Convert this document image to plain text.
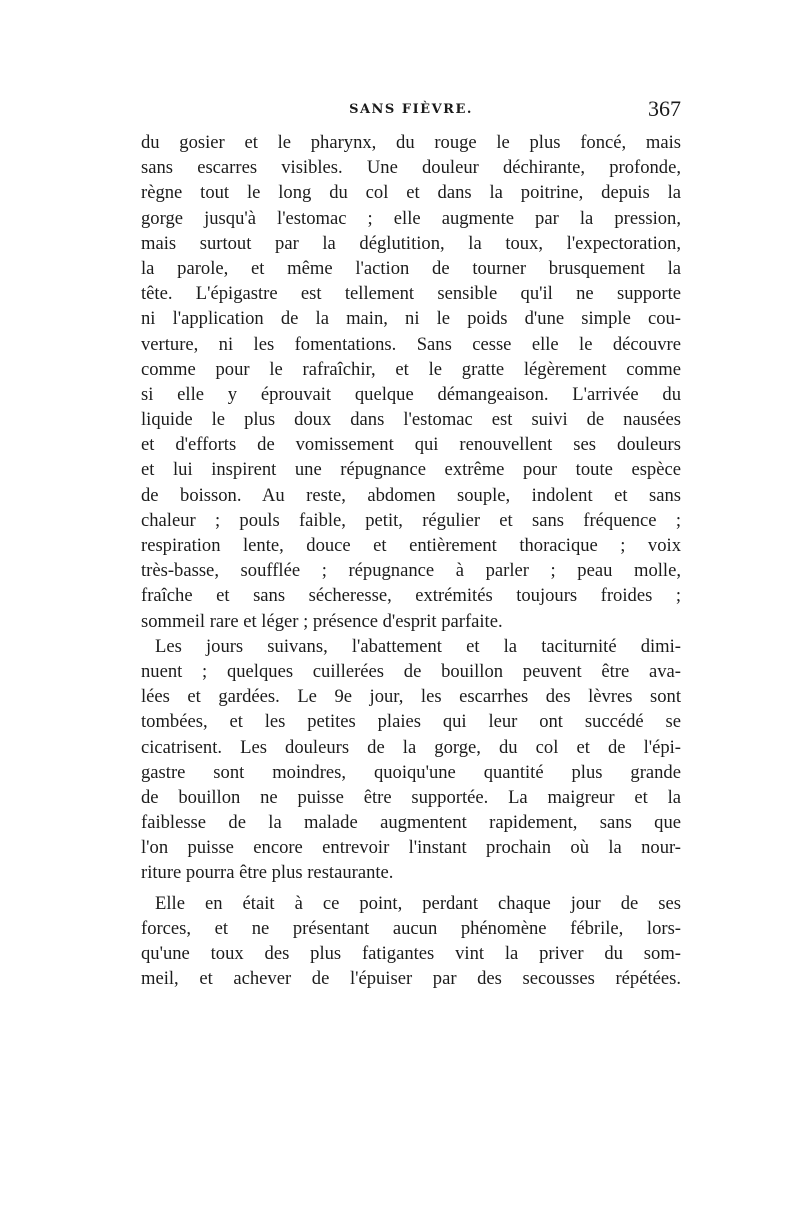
SANS FIÈVRE.	367
du gosier et le pharynx, du rouge le plus foncé, mais
sans escarres visibles. Une douleur déchirante, profonde,
règne tout le long du col et dans la poitrine, depuis la
gorge jusqu'à l'estomac ; elle augmente par la pression,
mais surtout par la déglutition, la toux, l'expectoration,
la parole, et même l'action de tourner brusquement la
tête. L'épigastre est tellement sensible qu'il ne supporte
ni l'application de la main, ni le poids d'une simple cou-
verture, ni les fomentations. Sans cesse elle le découvre
comme pour le rafraîchir, et le gratte légèrement comme
si elle y éprouvait quelque démangeaison. L'arrivée du
liquide le plus doux dans l'estomac est suivi de nausées
et d'efforts de vomissement qui renouvellent ses douleurs
et lui inspirent une répugnance extrême pour toute espèce
de boisson. Au reste, abdomen souple, indolent et sans
chaleur ; pouls faible, petit, régulier et sans fréquence ;
respiration lente, douce et entièrement thoracique ; voix
très-basse, soufflée ; répugnance à parler ; peau molle,
fraîche et sans sécheresse, extrémités toujours froides ;
sommeil rare et léger ; présence d'esprit parfaite.
Les jours suivans, l'abattement et la taciturnité dimi-
nuent ; quelques cuillerées de bouillon peuvent être ava-
lées et gardées. Le 9e jour, les escarrhes des lèvres sont
tombées, et les petites plaies qui leur ont succédé se
cicatrisent. Les douleurs de la gorge, du col et de l'épi-
gastre sont moindres, quoiqu'une quantité plus grande
de bouillon ne puisse être supportée. La maigreur et la
faiblesse de la malade augmentent rapidement, sans que
l'on puisse encore entrevoir l'instant prochain où la nour-
riture pourra être plus restaurante.
Elle en était à ce point, perdant chaque jour de ses
forces, et ne présentant aucun phénomène fébrile, lors-
qu'une toux des plus fatigantes vint la priver du som-
meil, et achever de l'épuiser par des secousses répétées.
